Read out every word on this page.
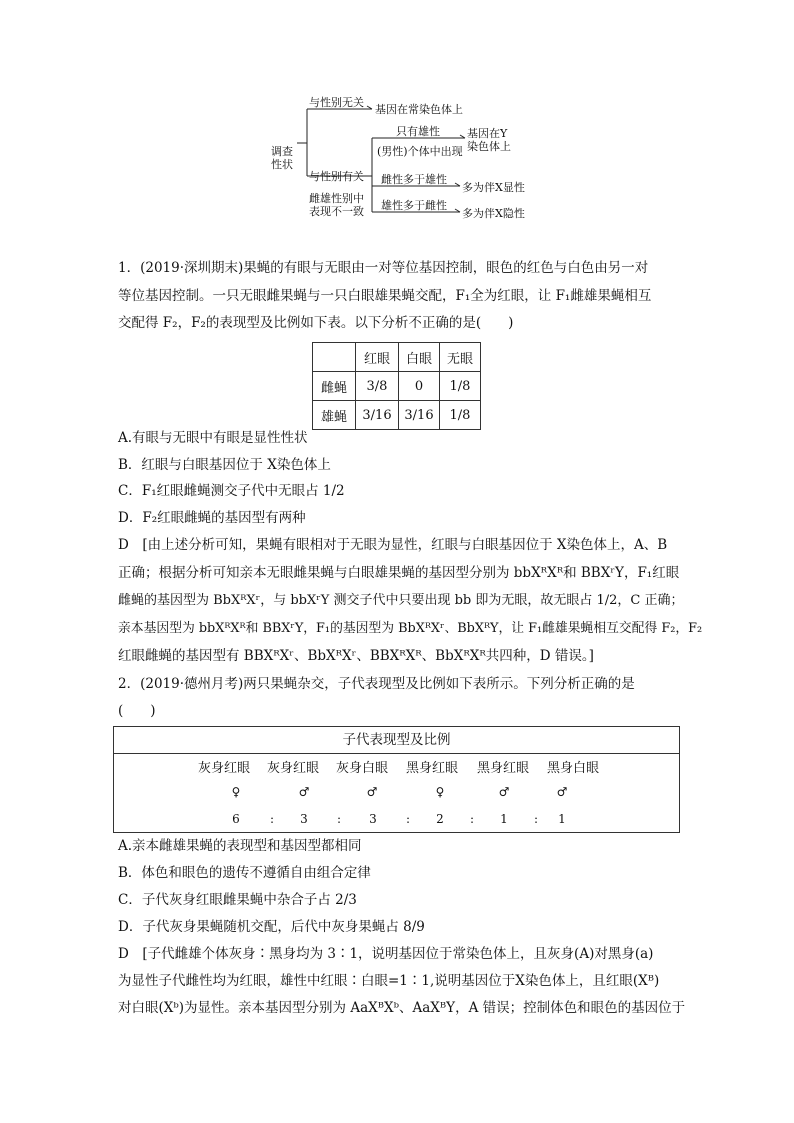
调查
性状
与性别无关
基因在常染色体上
与性别有关
只有雄性
(男性)个体中出现
基因在Y
染色体上
雌性多于雄性
多为伴X显性
雌雄性别中
表现不一致 雄性多于雌性
多为伴X隐性
1．(2019·深圳期末)果蝇的有眼与无眼由一对等位基因控制，眼色的红色与白色由另一对
等位基因控制。一只无眼雌果蝇与一只白眼雄果蝇交配，F₁全为红眼，让 F₁雌雄果蝇相互
交配得 F₂，F₂的表现型及比例如下表。以下分析不正确的是(　　)
	红眼	白眼	无眼
雌蝇	3/8	0	1/8
雄蝇	3/16	3/16	1/8
A.有眼与无眼中有眼是显性性状
B．红眼与白眼基因位于 X染色体上
C．F₁红眼雌蝇测交子代中无眼占 1/2
D．F₂红眼雌蝇的基因型有两种
D　[由上述分析可知，果蝇有眼相对于无眼为显性，红眼与白眼基因位于 X染色体上，A、B
正确；根据分析可知亲本无眼雌果蝇与白眼雄果蝇的基因型分别为 bbXᴿXᴿ和 BBXʳY，F₁红眼
雌蝇的基因型为 BbXᴿXʳ，与 bbXʳY 测交子代中只要出现 bb 即为无眼，故无眼占 1/2，C 正确；
亲本基因型为 bbXᴿXᴿ和 BBXʳY，F₁的基因型为 BbXᴿXʳ、BbXᴿY，让 F₁雌雄果蝇相互交配得 F₂，F₂
红眼雌蝇的基因型有 BBXᴿXʳ、BbXᴿXʳ、BBXᴿXᴿ、BbXᴿXᴿ共四种，D 错误。]
2．(2019·德州月考)两只果蝇杂交，子代表现型及比例如下表所示。下列分析正确的是
(　　)
子代表现型及比例
灰身红眼	灰身红眼	灰身白眼	黑身红眼	黑身红眼	黑身白眼
♀	♂	♂	♀	♂	♂
6	:	3	:	3	:	2	:	1	:	1
A.亲本雌雄果蝇的表现型和基因型都相同
B．体色和眼色的遗传不遵循自由组合定律
C．子代灰身红眼雌果蝇中杂合子占 2/3
D．子代灰身果蝇随机交配，后代中灰身果蝇占 8/9
D　[子代雌雄个体灰身∶黑身均为 3∶1，说明基因位于常染色体上，且灰身(A)对黑身(a)
为显性子代雌性均为红眼，雄性中红眼∶白眼=1∶1,说明基因位于X染色体上，且红眼(Xᴮ)
对白眼(Xᵇ)为显性。亲本基因型分别为 AaXᴮXᵇ、AaXᴮY，A 错误；控制体色和眼色的基因位于
